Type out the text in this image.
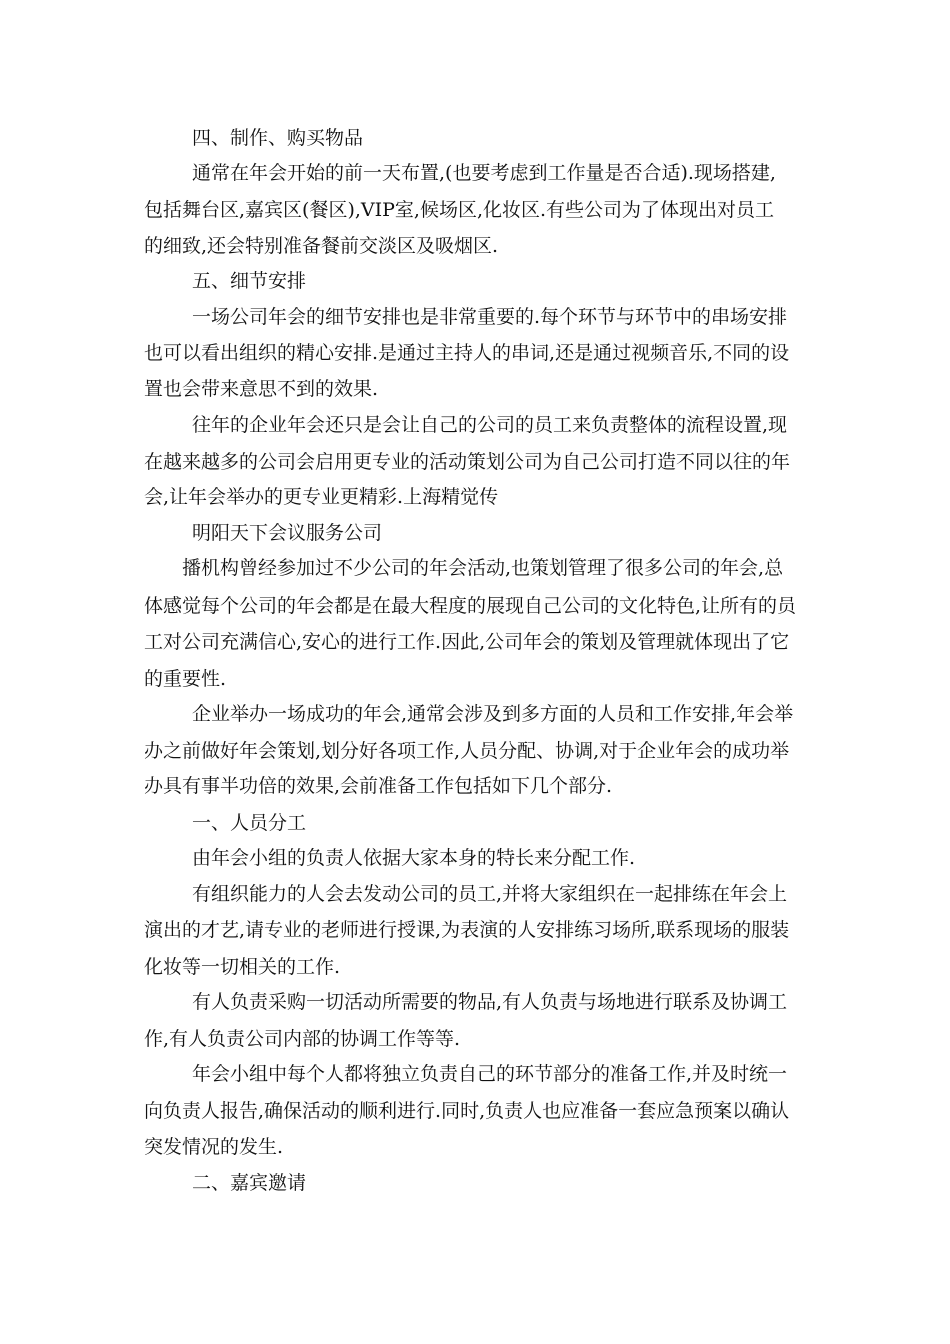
四、制作、购买物品

通常在年会开始的前一天布置,(也要考虑到工作量是否合适).现场搭建,

包括舞台区,嘉宾区(餐区),VIP室,候场区,化妆区.有些公司为了体现出对员工

的细致,还会特别准备餐前交淡区及吸烟区.

五、细节安排

一场公司年会的细节安排也是非常重要的.每个环节与环节中的串场安排

也可以看出组织的精心安排.是通过主持人的串词,还是通过视频音乐,不同的设

置也会带来意思不到的效果.

往年的企业年会还只是会让自己的公司的员工来负责整体的流程设置,现

在越来越多的公司会启用更专业的活动策划公司为自己公司打造不同以往的年

会,让年会举办的更专业更精彩.上海精觉传

明阳天下会议服务公司

播机构曾经参加过不少公司的年会活动,也策划管理了很多公司的年会,总

体感觉每个公司的年会都是在最大程度的展现自己公司的文化特色,让所有的员

工对公司充满信心,安心的进行工作.因此,公司年会的策划及管理就体现出了它

的重要性.

企业举办一场成功的年会,通常会涉及到多方面的人员和工作安排,年会举

办之前做好年会策划,划分好各项工作,人员分配、协调,对于企业年会的成功举

办具有事半功倍的效果,会前准备工作包括如下几个部分.

一、人员分工

由年会小组的负责人依据大家本身的特长来分配工作.

有组织能力的人会去发动公司的员工,并将大家组织在一起排练在年会上

演出的才艺,请专业的老师进行授课,为表演的人安排练习场所,联系现场的服装

化妆等一切相关的工作.

有人负责采购一切活动所需要的物品,有人负责与场地进行联系及协调工

作,有人负责公司内部的协调工作等等.

年会小组中每个人都将独立负责自己的环节部分的准备工作,并及时统一

向负责人报告,确保活动的顺利进行.同时,负责人也应准备一套应急预案以确认

突发情况的发生.

二、嘉宾邀请
